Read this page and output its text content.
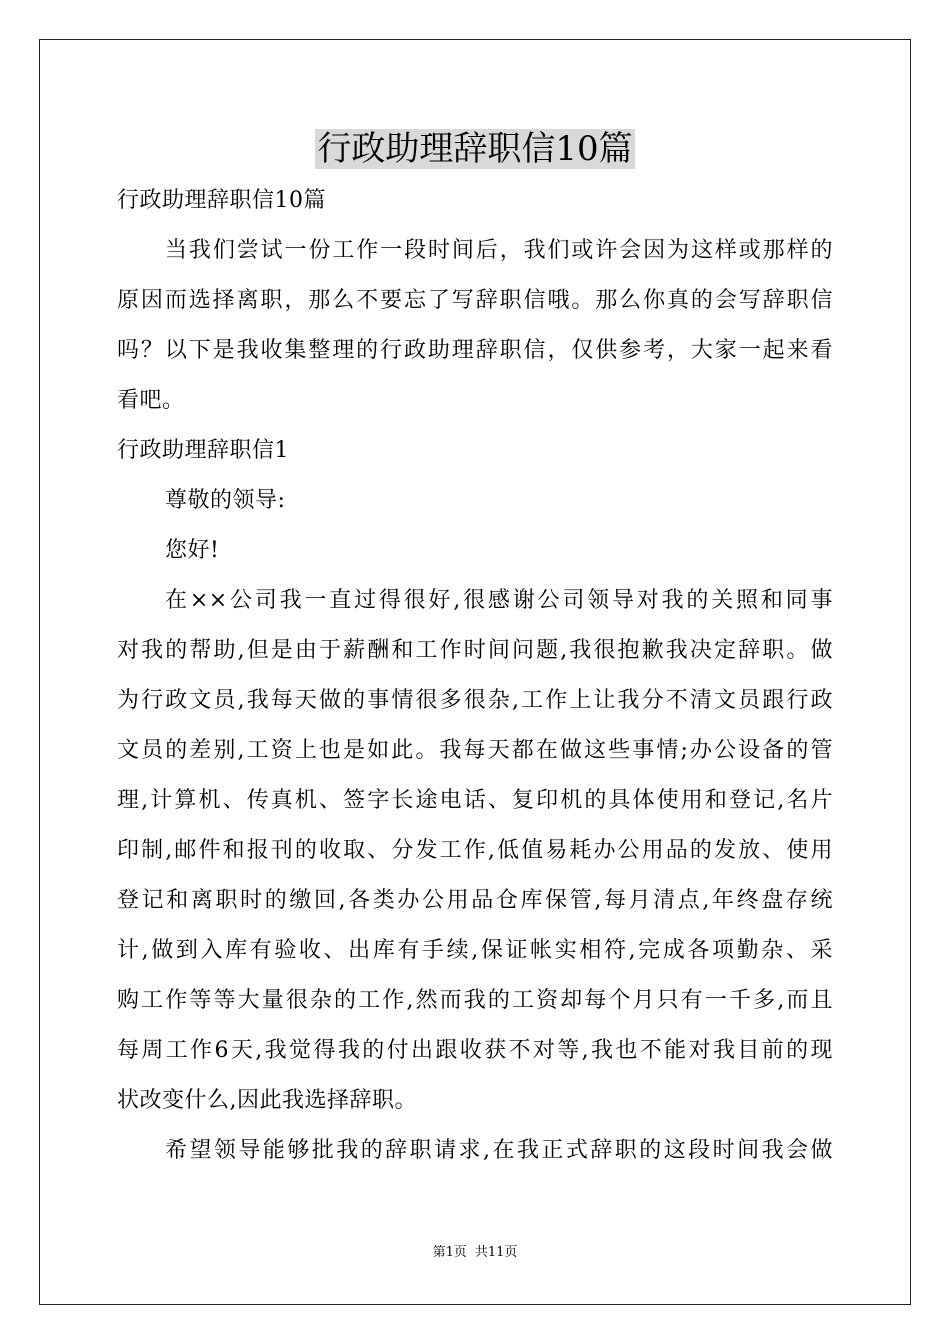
行政助理辞职信10篇

行政助理辞职信10篇

当我们尝试一份工作一段时间后，我们或许会因为这样或那样的

原因而选择离职，那么不要忘了写辞职信哦。那么你真的会写辞职信

吗？以下是我收集整理的行政助理辞职信，仅供参考，大家一起来看

看吧。

行政助理辞职信1

尊敬的领导:

您好!

在××公司我一直过得很好,很感谢公司领导对我的关照和同事

对我的帮助,但是由于薪酬和工作时间问题,我很抱歉我决定辞职。做

为行政文员,我每天做的事情很多很杂,工作上让我分不清文员跟行政

文员的差别,工资上也是如此。我每天都在做这些事情;办公设备的管

理,计算机、传真机、签字长途电话、复印机的具体使用和登记,名片

印制,邮件和报刊的收取、分发工作,低值易耗办公用品的发放、使用

登记和离职时的缴回,各类办公用品仓库保管,每月清点,年终盘存统

计,做到入库有验收、出库有手续,保证帐实相符,完成各项勤杂、采

购工作等等大量很杂的工作,然而我的工资却每个月只有一千多,而且

每周工作6天,我觉得我的付出跟收获不对等,我也不能对我目前的现

状改变什么,因此我选择辞职。

希望领导能够批我的辞职请求,在我正式辞职的这段时间我会做

第1页 共11页
